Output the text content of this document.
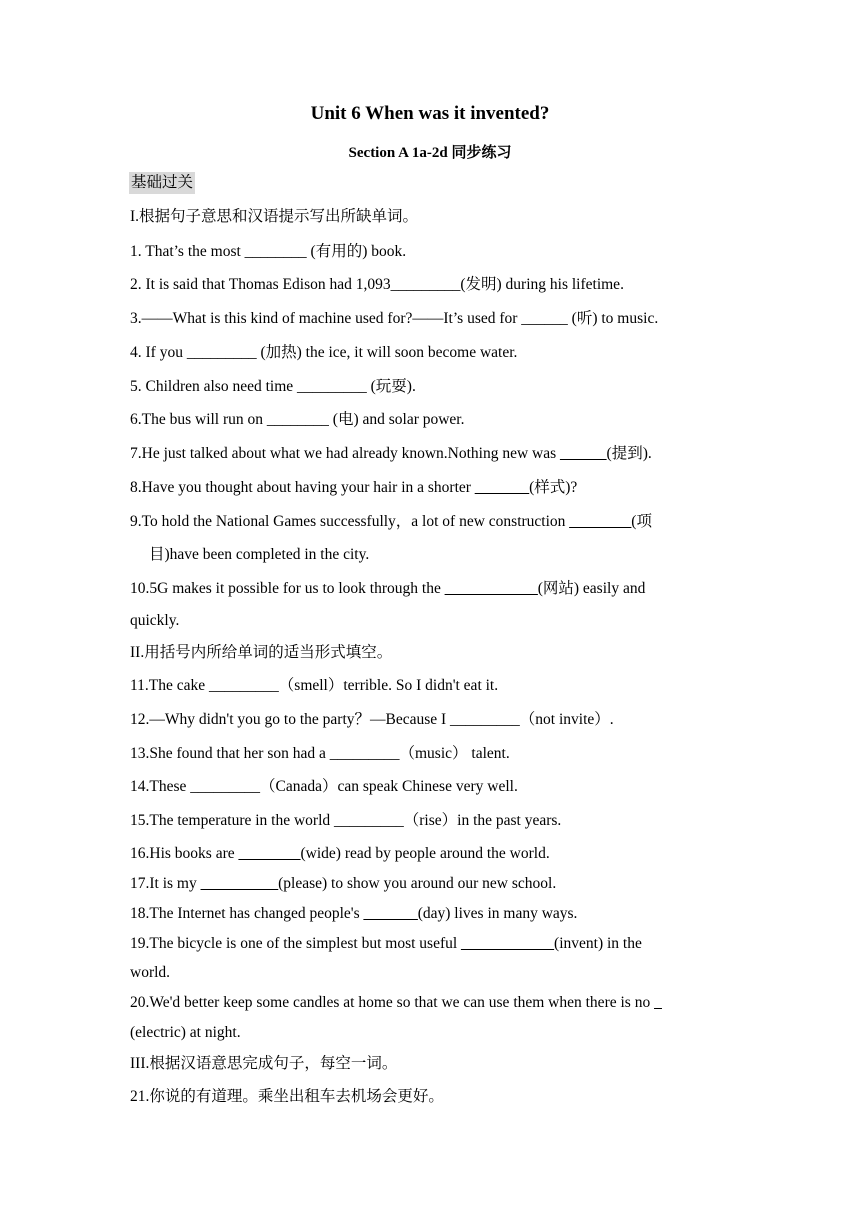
Unit 6 When was it invented?
Section A 1a-2d 同步练习
基础过关
I.根据句子意思和汉语提示写出所缺单词。
1. That’s the most ________ (有用的) book.
2. It is said that Thomas Edison had 1,093_________(发明) during his lifetime.
3.——What is this kind of machine used for?——It’s used for ______ (听) to music.
4. If you _________ (加热) the ice, it will soon become water.
5. Children also need time _________ (玩耍).
6.The bus will run on ________ (电) and solar power.
7.He just talked about what we had already known.Nothing new was ______(提到).
8.Have you thought about having your hair in a shorter _______(样式)?
9.To hold the National Games successfully，a lot of new construction ________(项
目)have been completed in the city.
10.5G makes it possible for us to look through the ____________(网站) easily and
quickly.
II.用括号内所给单词的适当形式填空。
11.The cake _________（smell）terrible. So I didn't eat it.
12.—Why didn't you go to the party？—Because I _________（not invite）.
13.She found that her son had a _________（music） talent.
14.These _________（Canada）can speak Chinese very well.
15.The temperature in the world _________（rise）in the past years.
16.His books are ________(wide) read by people around the world.
17.It is my __________(please) to show you around our new school.
18.The Internet has changed people's _______(day) lives in many ways.
19.The bicycle is one of the simplest but most useful ____________(invent) in the
world.
20.We'd better keep some candles at home so that we can use them when there is no _
(electric) at night.
III.根据汉语意思完成句子，每空一词。
21.你说的有道理。乘坐出租车去机场会更好。
